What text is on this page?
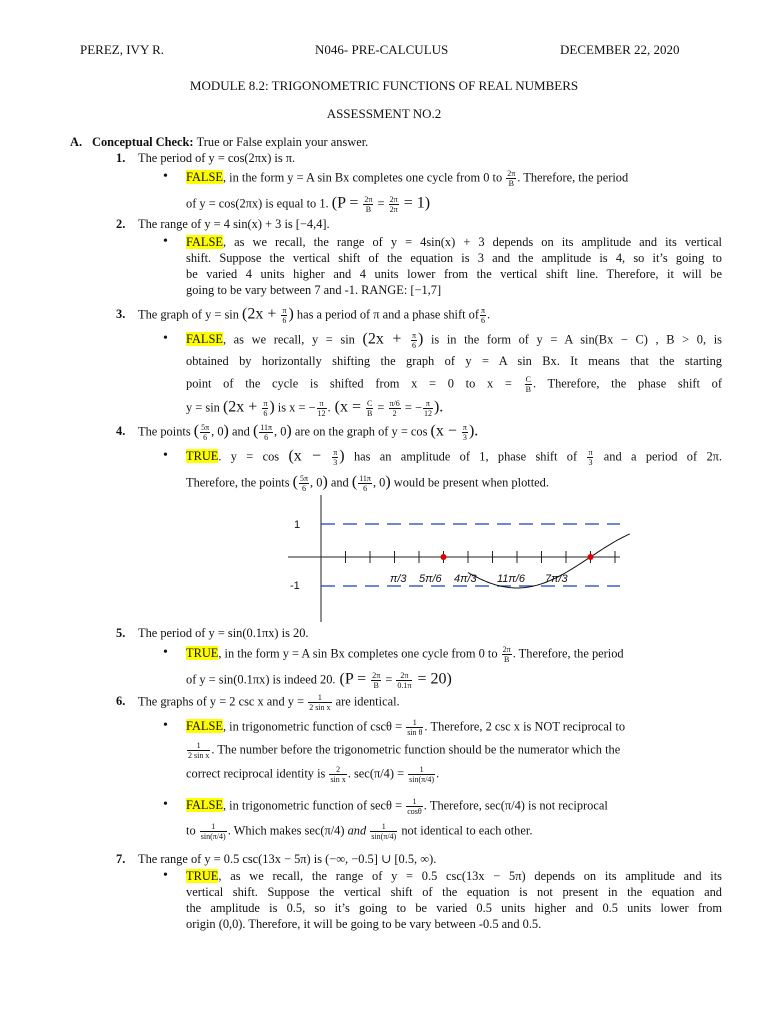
PEREZ, IVY R.	N046- PRE-CALCULUS	DECEMBER 22, 2020
MODULE 8.2: TRIGONOMETRIC FUNCTIONS OF REAL NUMBERS
ASSESSMENT NO.2
A. Conceptual Check: True or False explain your answer.
1. The period of y = cos(2πx) is π.
• FALSE, in the form y = A sin Bx completes one cycle from 0 to $\frac{2\pi}{B}$ . Therefore, the period
of y = cos(2πx) is equal to 1. $(P = \frac{2\pi}{B} = \frac{2\pi}{2\pi} = 1)$
2. The range of y = 4 sin(x) + 3 is [−4,4].
• FALSE, as we recall, the range of y = 4sin(x) + 3 depends on its amplitude and its vertical
shift. Suppose the vertical shift of the equation is 3 and the amplitude is 4, so it’s going to
be varied 4 units higher and 4 units lower from the vertical shift line. Therefore, it will be
going to be vary between 7 and -1. RANGE: [−1,7]
3. The graph of $y = \sin (2x + \frac{\pi}{6}$ ) has a period of π and a phase shift of $\frac{\pi}{6}$ .
• FALSE, as we recall, $y = \sin (2x + \frac{\pi}{6}$ ) is in the form of y = A sin(Bx − C) , B > 0, is
obtained by horizontally shifting the graph of y = A sin Bx. It means that the starting
point of the cycle is shifted from x = 0 to $x = \frac{C}{B}$ . Therefore, the phase shift of
$y = \sin (2x + \frac{\pi}{6}$ ) is x = − $\frac{\pi}{12}$ . ($x = \frac{C}{B} = \frac{\pi/6}{2}$ = − $\frac{\pi}{12}$ ).
4. The points ( $\frac{5\pi}{6}$ , 0) and ( $\frac{11\pi}{6}$ , 0) are on the graph of $y = \cos (x - \frac{\pi}{3}$ ).
• TRUE. $y = \cos (x - \frac{\pi}{3}$ ) has an amplitude of 1, phase shift of $\frac{\pi}{3}$ and a period of 2π.
Therefore, the points ( $\frac{5\pi}{6}$ , 0) and ( $\frac{11\pi}{6}$ , 0) would be present when plotted.
1
-1
π/3 5π/6 4π/3 11π/6 7π/3
5. The period of y = sin(0.1πx) is 20.
• TRUE, in the form y = A sin Bx completes one cycle from 0 to $\frac{2\pi}{B}$ . Therefore, the period
of y = sin(0.1πx) is indeed 20. $(P = \frac{2\pi}{B} = \frac{2\pi}{0.1\pi} = 20)$
6. The graphs of y = 2 csc x and $y = \frac{1}{\text{2 sin x}}$ are identical.
• FALSE, in trigonometric function of $\csc\theta = \frac{1}{\text{sin θ}}$ . Therefore, 2 csc x is NOT reciprocal to
$\frac{1}{\text{2 sin x}}$ . The number before the trigonometric function should be the numerator which the
correct reciprocal identity is $\frac{2}{\text{sin x}}$ . $\sec(\pi/4) = \frac{1}{\sin(\pi/4)}$ .
• FALSE, in trigonometric function of $\sec\theta = \frac{1}{\cos\theta}$ . Therefore, sec(π/4) is not reciprocal
to $\frac{1}{\sin(\pi/4)}$ . Which makes sec(π/4) and $\frac{1}{\sin(\pi/4)}$ not identical to each other.
7. The range of y = 0.5 csc(13x − 5π) is (−∞, −0.5] ∪ [0.5, ∞).
• TRUE, as we recall, the range of y = 0.5 csc(13x − 5π) depends on its amplitude and its
vertical shift. Suppose the vertical shift of the equation is not present in the equation and
the amplitude is 0.5, so it’s going to be varied 0.5 units higher and 0.5 units lower from
origin (0,0). Therefore, it will be going to be vary between -0.5 and 0.5.
